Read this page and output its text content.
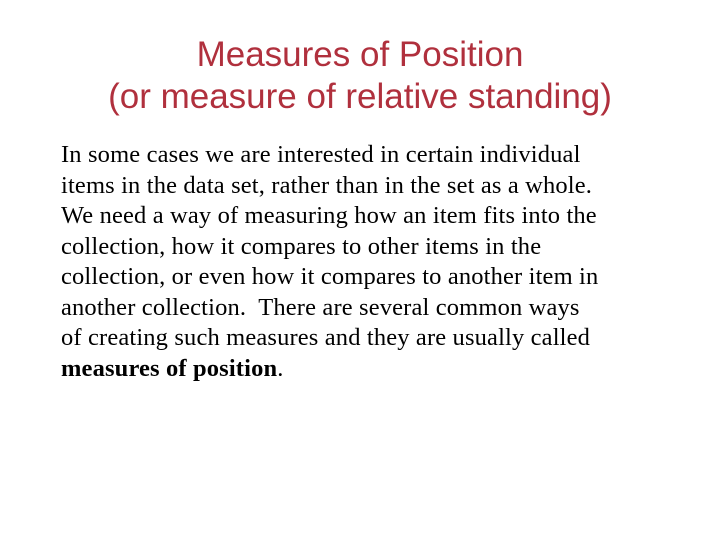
Measures of Position
(or measure of relative standing)
In some cases we are interested in certain individual
items in the data set, rather than in the set as a whole.
We need a way of measuring how an item fits into the
collection, how it compares to other items in the
collection, or even how it compares to another item in
another collection.  There are several common ways
of creating such measures and they are usually called
measures of position.
